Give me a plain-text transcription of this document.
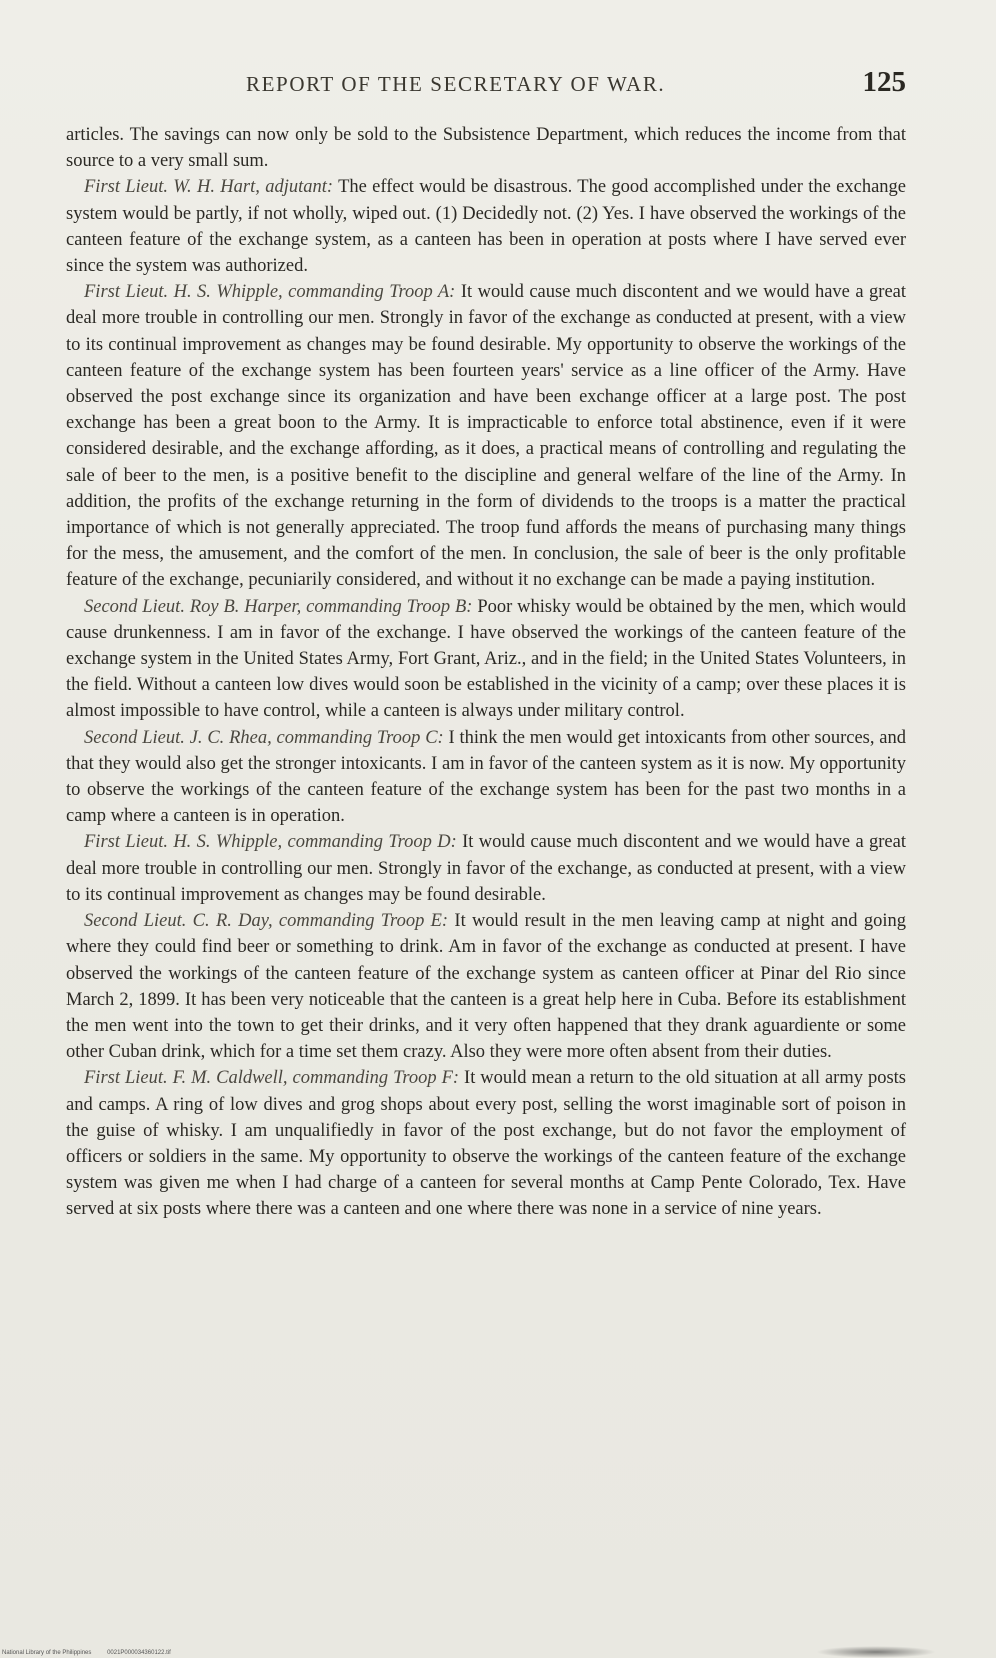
REPORT OF THE SECRETARY OF WAR.	125

articles. The savings can now only be sold to the Subsistence Department, which reduces the income from that source to a very small sum.

First Lieut. W. H. Hart, adjutant: The effect would be disastrous. The good accomplished under the exchange system would be partly, if not wholly, wiped out. (1) Decidedly not. (2) Yes. I have observed the workings of the canteen feature of the exchange system, as a canteen has been in operation at posts where I have served ever since the system was authorized.

First Lieut. H. S. Whipple, commanding Troop A: It would cause much discontent and we would have a great deal more trouble in controlling our men. Strongly in favor of the exchange as conducted at present, with a view to its continual improvement as changes may be found desirable. My opportunity to observe the workings of the canteen feature of the exchange system has been fourteen years' service as a line officer of the Army. Have observed the post exchange since its organization and have been exchange officer at a large post. The post exchange has been a great boon to the Army. It is impracticable to enforce total abstinence, even if it were considered desirable, and the exchange affording, as it does, a practical means of controlling and regulating the sale of beer to the men, is a positive benefit to the discipline and general welfare of the line of the Army. In addition, the profits of the exchange returning in the form of dividends to the troops is a matter the practical importance of which is not generally appreciated. The troop fund affords the means of purchasing many things for the mess, the amusement, and the comfort of the men. In conclusion, the sale of beer is the only profitable feature of the exchange, pecuniarily considered, and without it no exchange can be made a paying institution.

Second Lieut. Roy B. Harper, commanding Troop B: Poor whisky would be obtained by the men, which would cause drunkenness. I am in favor of the exchange. I have observed the workings of the canteen feature of the exchange system in the United States Army, Fort Grant, Ariz., and in the field; in the United States Volunteers, in the field. Without a canteen low dives would soon be established in the vicinity of a camp; over these places it is almost impossible to have control, while a canteen is always under military control.

Second Lieut. J. C. Rhea, commanding Troop C: I think the men would get intoxicants from other sources, and that they would also get the stronger intoxicants. I am in favor of the canteen system as it is now. My opportunity to observe the workings of the canteen feature of the exchange system has been for the past two months in a camp where a canteen is in operation.

First Lieut. H. S. Whipple, commanding Troop D: It would cause much discontent and we would have a great deal more trouble in controlling our men. Strongly in favor of the exchange, as conducted at present, with a view to its continual improvement as changes may be found desirable.

Second Lieut. C. R. Day, commanding Troop E: It would result in the men leaving camp at night and going where they could find beer or something to drink. Am in favor of the exchange as conducted at present. I have observed the workings of the canteen feature of the exchange system as canteen officer at Pinar del Rio since March 2, 1899. It has been very noticeable that the canteen is a great help here in Cuba. Before its establishment the men went into the town to get their drinks, and it very often happened that they drank aguardiente or some other Cuban drink, which for a time set them crazy. Also they were more often absent from their duties.

First Lieut. F. M. Caldwell, commanding Troop F: It would mean a return to the old situation at all army posts and camps. A ring of low dives and grog shops about every post, selling the worst imaginable sort of poison in the guise of whisky. I am unqualifiedly in favor of the post exchange, but do not favor the employment of officers or soldiers in the same. My opportunity to observe the workings of the canteen feature of the exchange system was given me when I had charge of a canteen for several months at Camp Pente Colorado, Tex. Have served at six posts where there was a canteen and one where there was none in a service of nine years.

National Library of the Philippines	0021P000034360122.tif
